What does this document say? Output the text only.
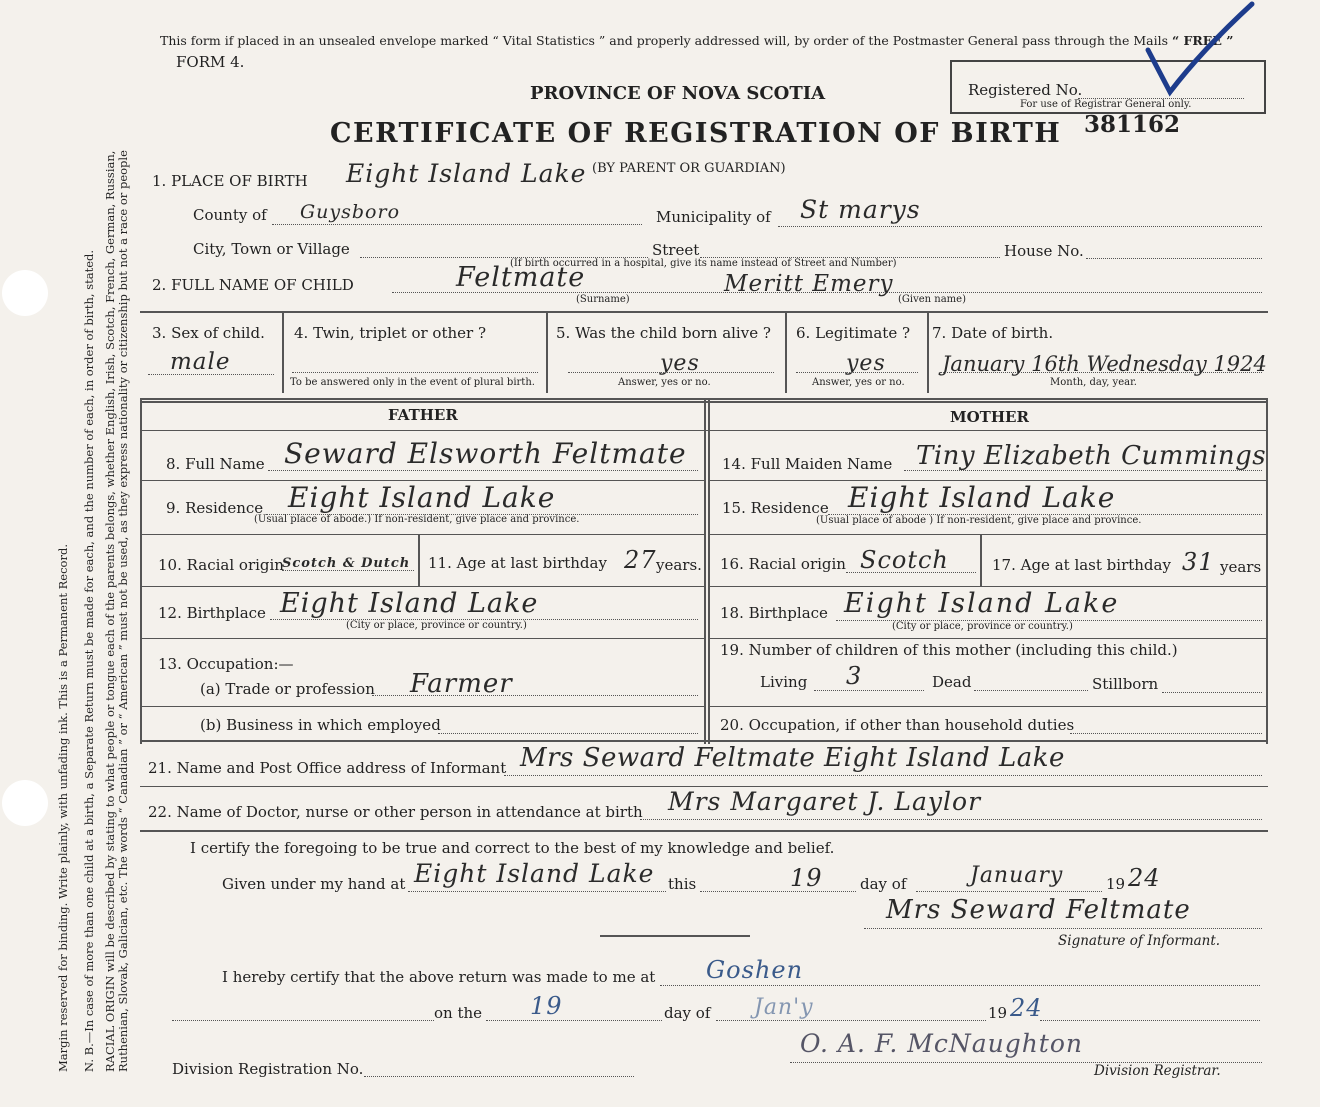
Margin reserved for binding. Write plainly, with unfading ink. This is a Permanent Record. N. B.—In case of more than one child at a birth, a Separate Return must be made for each, and the number of each, in order of birth, stated. RACIAL ORIGIN will be described by stating to what people or tongue each of the parents belongs, whether English, Irish, Scotch, French, German, Russian, Ruthenian, Slovak, Galician, etc. The words “ Canadian ” or “ American ” must not be used, as they express nationality or citizenship but not a race or people
This form if placed in an unsealed envelope marked “ Vital Statistics ” and properly addressed will, by order of the Postmaster General pass through the Mails “ FREE ”
FORM 4.
Registered No.
For use of Registrar General only.
PROVINCE OF NOVA SCOTIA
CERTIFICATE OF REGISTRATION OF BIRTH 381162
1. PLACE OF BIRTH Eight Island Lake (BY PARENT OR GUARDIAN)
County of Guysboro	Municipality of St marys
City, Town or Village	Street	House No.
(If birth occurred in a hospital, give its name instead of Street and Number)
2. FULL NAME OF CHILD	Feltmate	Meritt Emery
(Surname)	(Given name)
3. Sex of child.
male
4. Twin, triplet or other ?
To be answered only in the event of plural birth.
5. Was the child born alive ?
yes
Answer, yes or no.
6. Legitimate ?
yes
Answer, yes or no.
7. Date of birth.
January 16th Wednesday 1924
Month, day, year.
FATHER	MOTHER
8. Full Name Seward Elsworth Feltmate
9. Residence Eight Island Lake
(Usual place of abode.) If non-resident, give place and province.
10. Racial origin
Scotch & Dutch 11. Age at last birthday 27 years.
12. Birthplace Eight Island Lake
(City or place, province or country.)
13. Occupation:—
(a) Trade or profession Farmer
(b) Business in which employed
14. Full Maiden Name Tiny Elizabeth Cummings
15. Residence Eight Island Lake
(Usual place of abode ) If non-resident, give place and province.
16. Racial origin Scotch	17. Age at last birthday 31 years
18. Birthplace Eight Island Lake
(City or place, province or country.)
19. Number of children of this mother (including this child.)
Living 3	Dead	Stillborn
20. Occupation, if other than household duties
21. Name and Post Office address of Informant Mrs Seward Feltmate Eight Island Lake
22. Name of Doctor, nurse or other person in attendance at birth Mrs Margaret J. Laylor
I certify the foregoing to be true and correct to the best of my knowledge and belief.
Given under my hand at Eight Island Lake this	19 day of	January	19 24
Mrs Seward Feltmate
Signature of Informant.
I hereby certify that the above return was made to me at Goshen
on the 19	day of Jan'y	19 24
O. A. F. McNaughton
Division Registration No.	Division Registrar.
